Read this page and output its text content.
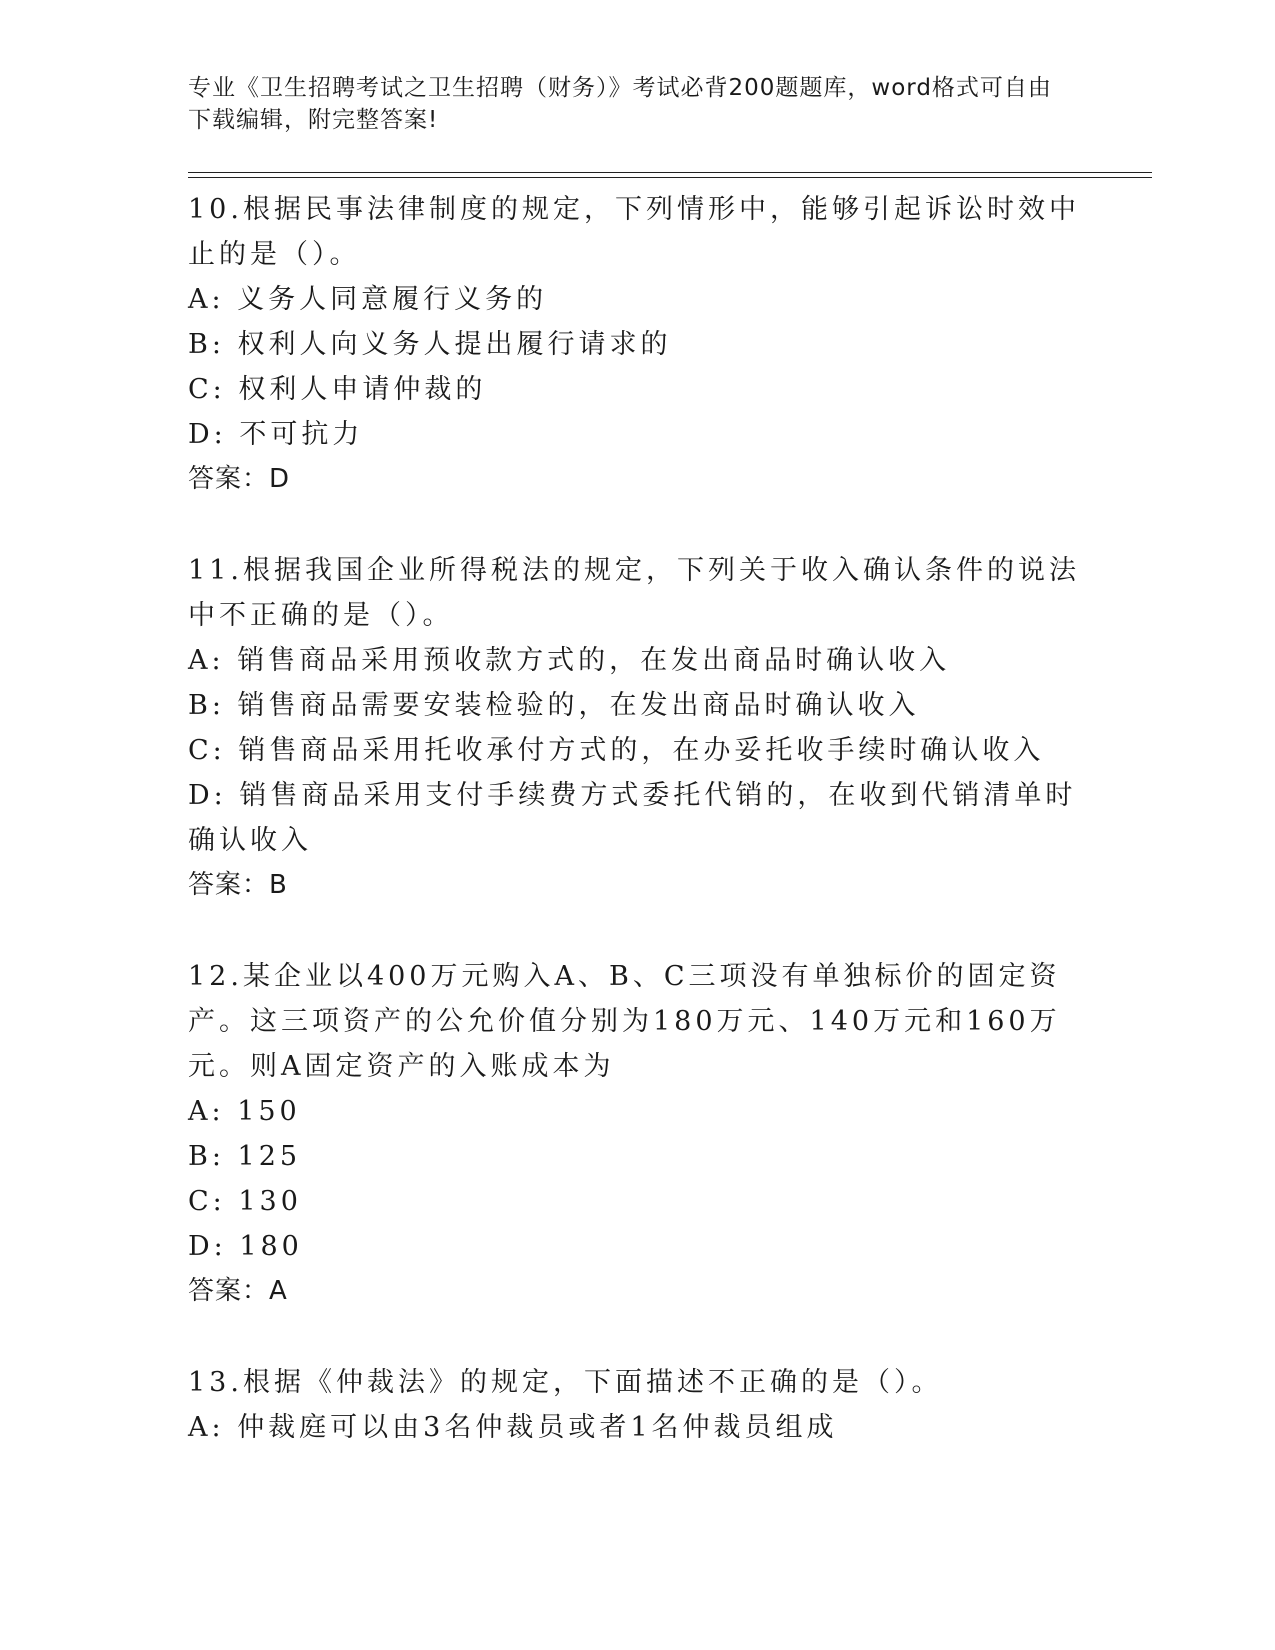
专业《卫生招聘考试之卫生招聘（财务）》考试必背200题题库，word格式可自由下载编辑，附完整答案!

10.根据民事法律制度的规定，下列情形中，能够引起诉讼时效中止的是（）。

A: 义务人同意履行义务的

B: 权利人向义务人提出履行请求的

C: 权利人申请仲裁的

D: 不可抗力

答案：D

11.根据我国企业所得税法的规定，下列关于收入确认条件的说法中不正确的是（）。

A: 销售商品采用预收款方式的，在发出商品时确认收入

B: 销售商品需要安装检验的，在发出商品时确认收入

C: 销售商品采用托收承付方式的，在办妥托收手续时确认收入

D: 销售商品采用支付手续费方式委托代销的，在收到代销清单时确认收入

答案：B

12.某企业以400万元购入A、B、C三项没有单独标价的固定资产。这三项资产的公允价值分别为180万元、140万元和160万元。则A固定资产的入账成本为

A: 150

B: 125

C: 130

D: 180

答案：A

13.根据《仲裁法》的规定，下面描述不正确的是（）。

A: 仲裁庭可以由3名仲裁员或者1名仲裁员组成
